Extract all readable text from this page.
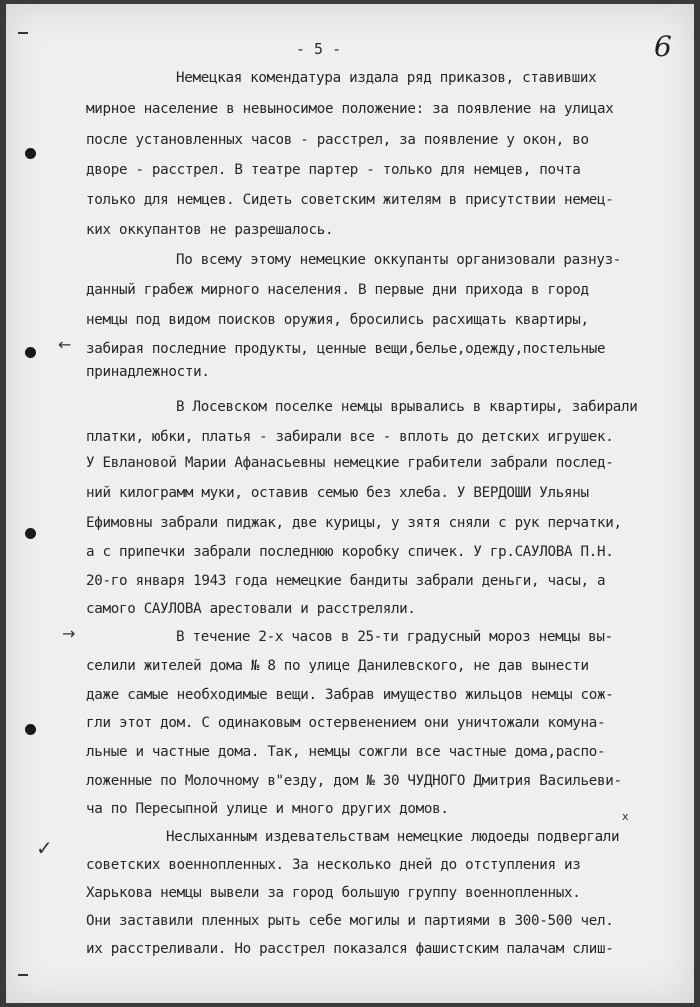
- 5 -	6
←
→
✓
x
Немецкая комендатура издала ряд приказов, ставивших
мирное население в невыносимое положение: за появление на улицах
после установленных часов - расстрел, за появление у окон, во
дворе - расстрел. В театре партер - только для немцев, почта
только для немцев. Сидеть советским жителям в присутствии немец-
ких оккупантов не разрешалось.
По всему этому немецкие оккупанты организовали разнуз-
данный грабеж мирного населения. В первые дни прихода в город
немцы под видом поисков оружия, бросились расхищать квартиры,
забирая последние продукты, ценные вещи,белье,одежду,постельные
принадлежности.
В Лосевском поселке немцы врывались в квартиры, забирали
платки, юбки, платья - забирали все - вплоть до детских игрушек.
У Евлановой Марии Афанасьевны немецкие грабители забрали послед-
ний килограмм муки, оставив семью без хлеба. У ВЕРДОШИ Ульяны
Ефимовны забрали пиджак, две курицы, у зятя сняли с рук перчатки,
а с припечки забрали последнюю коробку спичек. У гр.САУЛОВА П.Н.
20-го января 1943 года немецкие бандиты забрали деньги, часы, а
самого САУЛОВА арестовали и расстреляли.
В течение 2-х часов в 25-ти градусный мороз немцы вы-
селили жителей дома № 8 по улице Данилевского, не дав вынести
даже самые необходимые вещи. Забрав имущество жильцов немцы сож-
гли этот дом. С одинаковым остервенением они уничтожали комуна-
льные и частные дома. Так, немцы сожгли все частные дома,распо-
ложенные по Молочному в"езду, дом № 30 ЧУДНОГО Дмитрия Васильеви-
ча по Пересыпной улице и много других домов.
Неслыханным издевательствам немецкие людоеды подвергали
советских военнопленных. За несколько дней до отступления из
Харькова немцы вывели за город большую группу военнопленных.
Они заставили пленных рыть себе могилы и партиями в 300-500 чел.
их расстреливали. Но расстрел показался фашистским палачам слиш-
